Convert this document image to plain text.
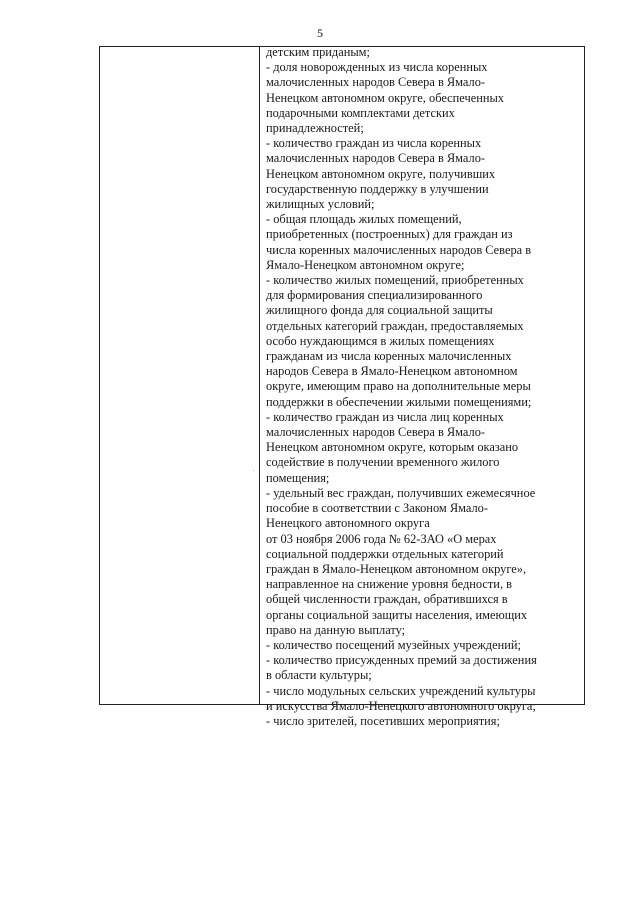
5

детским приданым;

- доля новорожденных из числа коренных

малочисленных народов Севера в Ямало-

Ненецком автономном округе, обеспеченных

подарочными комплектами детских

принадлежностей;

- количество граждан из числа коренных

малочисленных народов Севера в Ямало-

Ненецком автономном округе, получивших

государственную поддержку в улучшении

жилищных условий;

- общая площадь жилых помещений,

приобретенных (построенных) для граждан из

числа коренных малочисленных народов Севера в

Ямало-Ненецком автономном округе;

- количество жилых помещений, приобретенных

для формирования специализированного

жилищного фонда для социальной защиты

отдельных категорий граждан, предоставляемых

особо нуждающимся в жилых помещениях

гражданам из числа коренных малочисленных

народов Севера в Ямало-Ненецком автономном

округе, имеющим право на дополнительные меры

поддержки в обеспечении жилыми помещениями;

- количество граждан из числа лиц коренных

малочисленных народов Севера в Ямало-

Ненецком автономном округе, которым оказано

содействие в получении временного жилого

помещения;

- удельный вес граждан, получивших ежемесячное

пособие в соответствии с Законом Ямало-

Ненецкого автономного округа

от 03 ноября 2006 года № 62-ЗАО «О мерах

социальной поддержки отдельных категорий

граждан в Ямало-Ненецком автономном округе»,

направленное на снижение уровня бедности, в

общей численности граждан, обратившихся в

органы социальной защиты населения, имеющих

право на данную выплату;

- количество посещений музейных учреждений;

- количество присужденных премий за достижения

в области культуры;

- число модульных сельских учреждений культуры

и искусства Ямало-Ненецкого автономного округа;

- число зрителей, посетивших мероприятия;
